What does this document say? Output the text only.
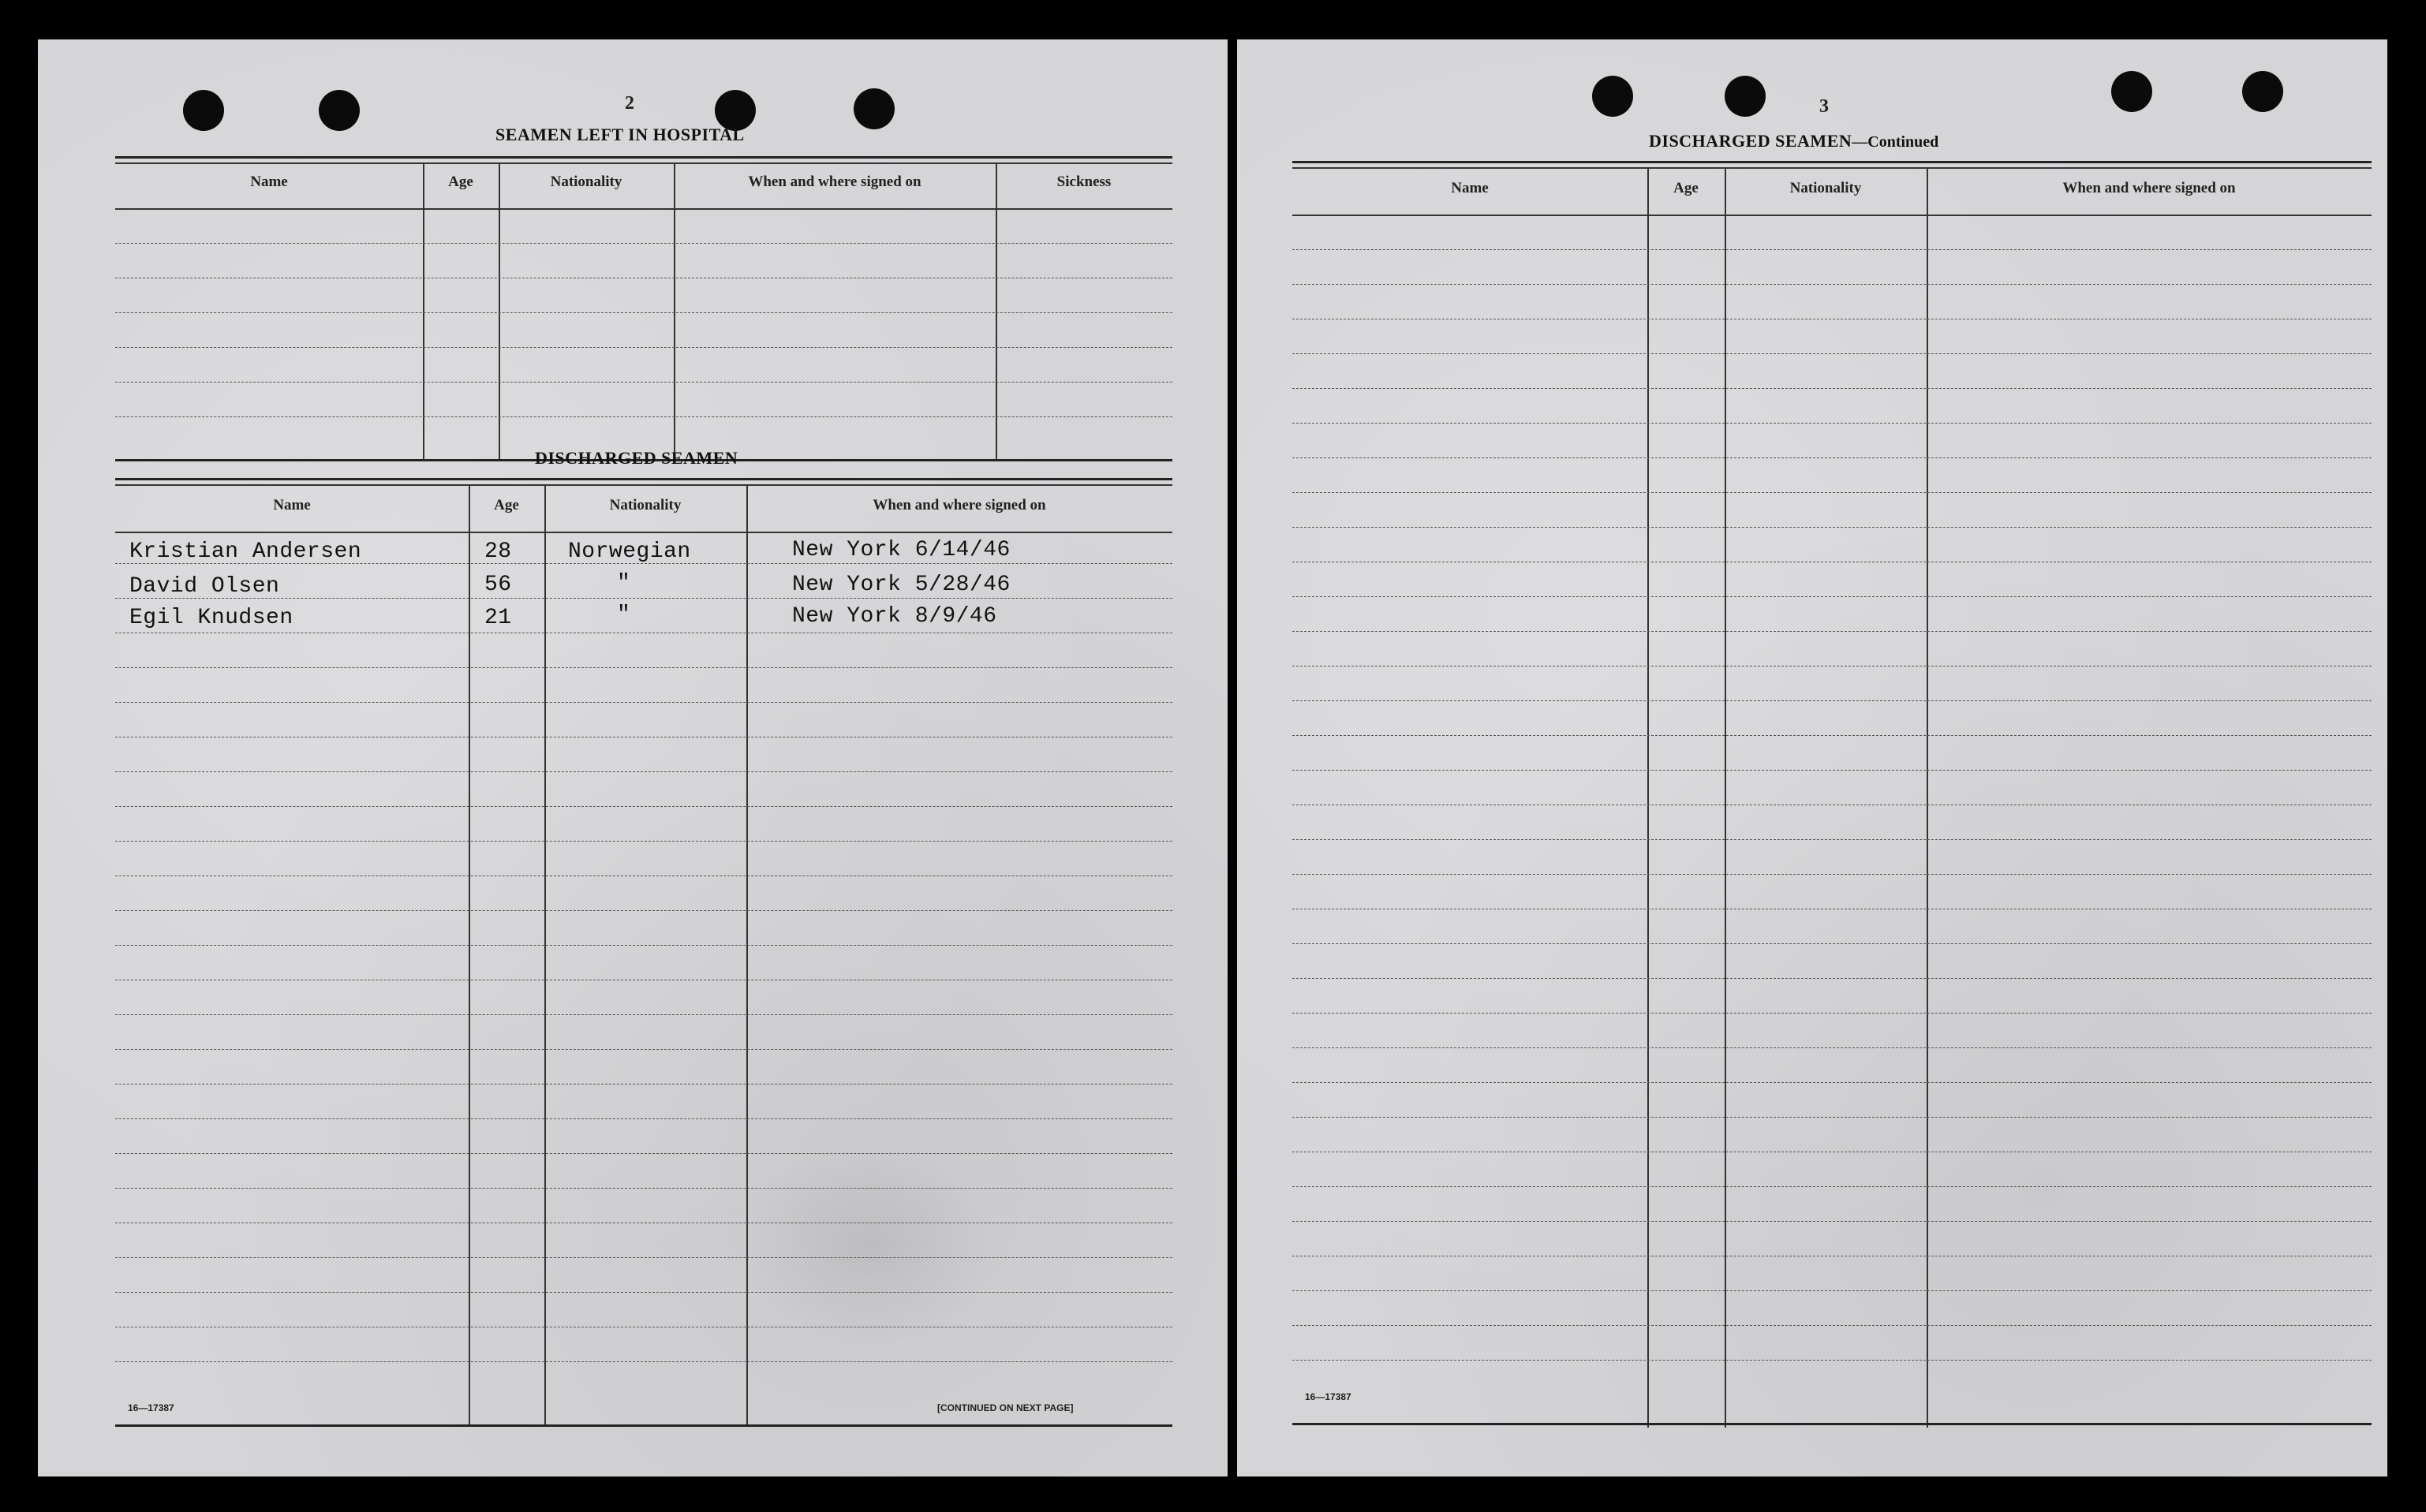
2
SEAMEN LEFT IN HOSPITAL
Name	Age	Nationality	When and where signed on	Sickness
DISCHARGED SEAMEN
Name	Age	Nationality	When and where signed on
Kristian Andersen	28	Norwegian	New York 6/14/46
David Olsen	56	"	New York 5/28/46
Egil Knudsen	21	"	New York 8/9/46
16—17387	[CONTINUED ON NEXT PAGE]
3
DISCHARGED SEAMEN—Continued
Name	Age	Nationality	When and where signed on
16—17387
